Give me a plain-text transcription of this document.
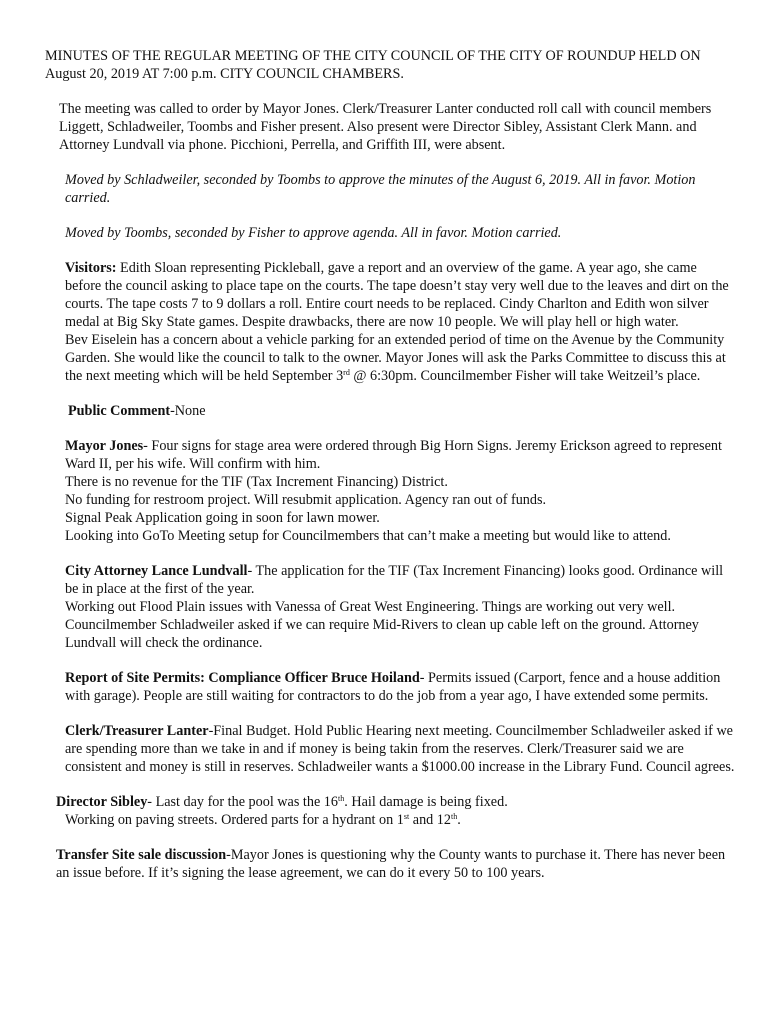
MINUTES OF THE REGULAR MEETING OF THE CITY COUNCIL OF THE CITY OF ROUNDUP HELD ON August 20, 2019 AT 7:00 p.m. CITY COUNCIL CHAMBERS.

The meeting was called to order by Mayor Jones. Clerk/Treasurer Lanter conducted roll call with council members Liggett, Schladweiler, Toombs and Fisher present. Also present were Director Sibley, Assistant Clerk Mann. and Attorney Lundvall via phone. Picchioni, Perrella, and Griffith III, were absent.

Moved by Schladweiler, seconded by Toombs to approve the minutes of the August 6, 2019. All in favor. Motion carried.

Moved by Toombs, seconded by Fisher to approve agenda. All in favor. Motion carried.

Visitors: Edith Sloan representing Pickleball, gave a report and an overview of the game. A year ago, she came before the council asking to place tape on the courts. The tape doesn’t stay very well due to the leaves and dirt on the courts. The tape costs 7 to 9 dollars a roll. Entire court needs to be replaced. Cindy Charlton and Edith won silver medal at Big Sky State games. Despite drawbacks, there are now 10 people. We will play hell or high water.

Bev Eiselein has a concern about a vehicle parking for an extended period of time on the Avenue by the Community Garden. She would like the council to talk to the owner. Mayor Jones will ask the Parks Committee to discuss this at the next meeting which will be held September 3rd @ 6:30pm. Councilmember Fisher will take Weitzeil’s place.

Public Comment-None

Mayor Jones- Four signs for stage area were ordered through Big Horn Signs. Jeremy Erickson agreed to represent Ward II, per his wife. Will confirm with him.

There is no revenue for the TIF (Tax Increment Financing) District.

No funding for restroom project. Will resubmit application. Agency ran out of funds.

Signal Peak Application going in soon for lawn mower.

Looking into GoTo Meeting setup for Councilmembers that can’t make a meeting but would like to attend.

City Attorney Lance Lundvall- The application for the TIF (Tax Increment Financing) looks good. Ordinance will be in place at the first of the year.

Working out Flood Plain issues with Vanessa of Great West Engineering. Things are working out very well.

Councilmember Schladweiler asked if we can require Mid-Rivers to clean up cable left on the ground. Attorney Lundvall will check the ordinance.

Report of Site Permits: Compliance Officer Bruce Hoiland- Permits issued (Carport, fence and a house addition with garage). People are still waiting for contractors to do the job from a year ago, I have extended some permits.

Clerk/Treasurer Lanter-Final Budget. Hold Public Hearing next meeting. Councilmember Schladweiler asked if we are spending more than we take in and if money is being takin from the reserves. Clerk/Treasurer said we are consistent and money is still in reserves. Schladweiler wants a $1000.00 increase in the Library Fund. Council agrees.

Director Sibley- Last day for the pool was the 16th. Hail damage is being fixed.

Working on paving streets. Ordered parts for a hydrant on 1st and 12th.

Transfer Site sale discussion-Mayor Jones is questioning why the County wants to purchase it. There has never been an issue before. If it’s signing the lease agreement, we can do it every 50 to 100 years.
